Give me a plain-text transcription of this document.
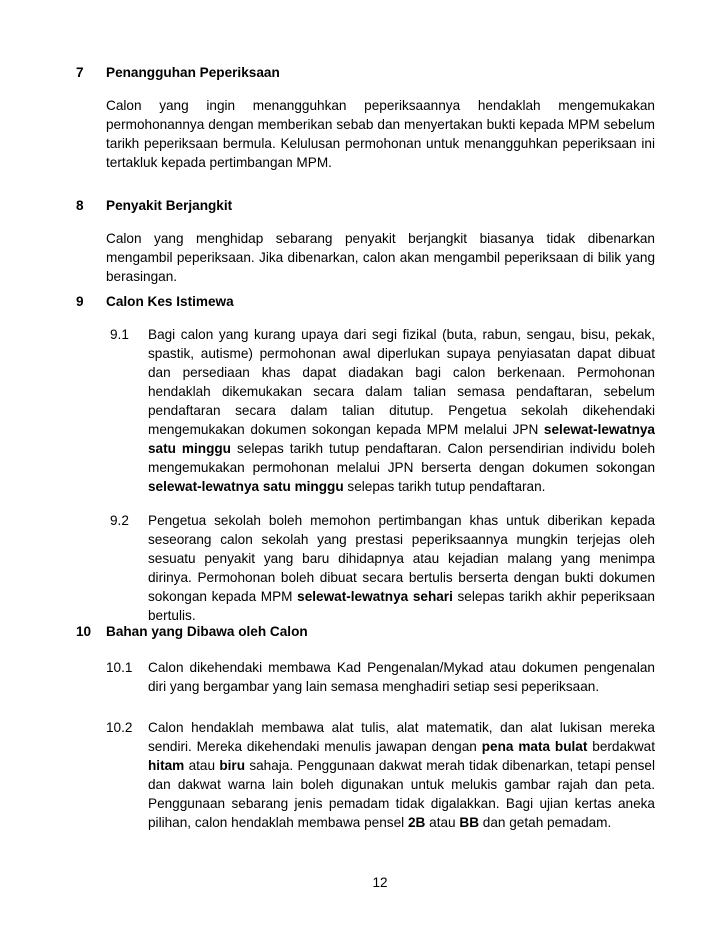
7 Penangguhan Peperiksaan
Calon yang ingin menangguhkan peperiksaannya hendaklah mengemukakan permohonannya dengan memberikan sebab dan menyertakan bukti kepada MPM sebelum tarikh peperiksaan bermula. Kelulusan permohonan untuk menangguhkan peperiksaan ini tertakluk kepada pertimbangan MPM.
8 Penyakit Berjangkit
Calon yang menghidap sebarang penyakit berjangkit biasanya tidak dibenarkan mengambil peperiksaan. Jika dibenarkan, calon akan mengambil peperiksaan di bilik yang berasingan.
9 Calon Kes Istimewa
9.1 Bagi calon yang kurang upaya dari segi fizikal (buta, rabun, sengau, bisu, pekak, spastik, autisme) permohonan awal diperlukan supaya penyiasatan dapat dibuat dan persediaan khas dapat diadakan bagi calon berkenaan. Permohonan hendaklah dikemukakan secara dalam talian semasa pendaftaran, sebelum pendaftaran secara dalam talian ditutup. Pengetua sekolah dikehendaki mengemukakan dokumen sokongan kepada MPM melalui JPN selewat-lewatnya satu minggu selepas tarikh tutup pendaftaran. Calon persendirian individu boleh mengemukakan permohonan melalui JPN berserta dengan dokumen sokongan selewat-lewatnya satu minggu selepas tarikh tutup pendaftaran.
9.2 Pengetua sekolah boleh memohon pertimbangan khas untuk diberikan kepada seseorang calon sekolah yang prestasi peperiksaannya mungkin terjejas oleh sesuatu penyakit yang baru dihidapnya atau kejadian malang yang menimpa dirinya. Permohonan boleh dibuat secara bertulis berserta dengan bukti dokumen sokongan kepada MPM selewat-lewatnya sehari selepas tarikh akhir peperiksaan bertulis.
10 Bahan yang Dibawa oleh Calon
10.1 Calon dikehendaki membawa Kad Pengenalan/Mykad atau dokumen pengenalan diri yang bergambar yang lain semasa menghadiri setiap sesi peperiksaan.
10.2 Calon hendaklah membawa alat tulis, alat matematik, dan alat lukisan mereka sendiri. Mereka dikehendaki menulis jawapan dengan pena mata bulat berdakwat hitam atau biru sahaja. Penggunaan dakwat merah tidak dibenarkan, tetapi pensel dan dakwat warna lain boleh digunakan untuk melukis gambar rajah dan peta. Penggunaan sebarang jenis pemadam tidak digalakkan. Bagi ujian kertas aneka pilihan, calon hendaklah membawa pensel 2B atau BB dan getah pemadam.
12
